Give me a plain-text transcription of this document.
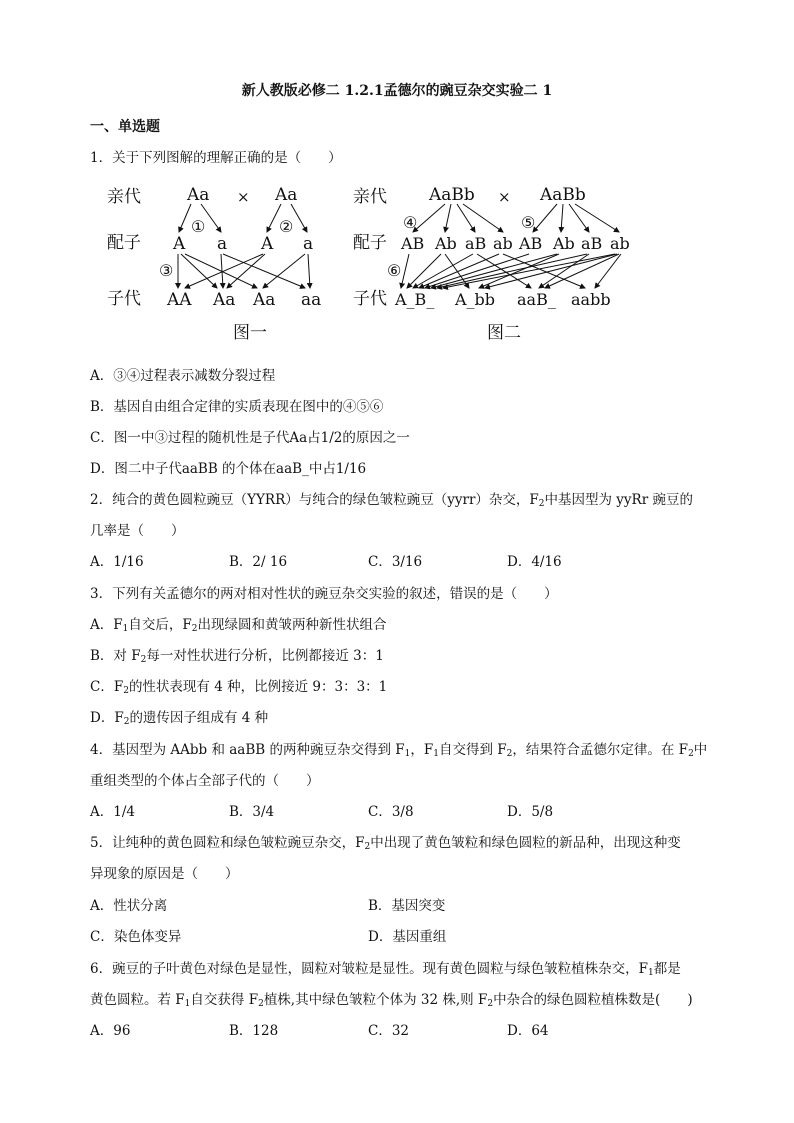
新人教版必修二 1.2.1孟德尔的豌豆杂交实验二 1
一、单选题
1．关于下列图解的理解正确的是（　　）
亲代
配子
子代
Aa × Aa
①	②
③
A a A a
AA Aa Aa aa
图一
亲代
配子
子代
AaBb × AaBb
④	⑤
⑥
AB Ab aB ab AB Ab aB ab
A_B_ A_bb aaB_ aabb
图二
A．③④过程表示减数分裂过程
B．基因自由组合定律的实质表现在图中的④⑤⑥
C．图一中③过程的随机性是子代Aa占1/2的原因之一
D．图二中子代aaBB 的个体在aaB_中占1/16
2．纯合的黄色圆粒豌豆（YYRR）与纯合的绿色皱粒豌豆（yyrr）杂交，$F_2$中基因型为 yyRr 豌豆的
几率是（　　）
A．1/16	B．2/ 16	C．3/16	D．4/16
3．下列有关孟德尔的两对相对性状的豌豆杂交实验的叙述，错误的是（　　）
A．$F_1$自交后，$F_2$出现绿圆和黄皱两种新性状组合
B．对 $F_2$每一对性状进行分析，比例都接近 3：1
C．$F_2$的性状表现有 4 种，比例接近 9：3：3：1
D．$F_2$的遗传因子组成有 4 种
4．基因型为 AAbb 和 aaBB 的两种豌豆杂交得到 $F_1$，$F_1$自交得到 $F_2$，结果符合孟德尔定律。在 $F_2$中
重组类型的个体占全部子代的（　　）
A．1/4	B．3/4	C．3/8	D．5/8
5．让纯种的黄色圆粒和绿色皱粒豌豆杂交，$F_2$中出现了黄色皱粒和绿色圆粒的新品种，出现这种变
异现象的原因是（　　）
A．性状分离	B．基因突变
C．染色体变异	D．基因重组
6．豌豆的子叶黄色对绿色是显性，圆粒对皱粒是显性。现有黄色圆粒与绿色皱粒植株杂交，$F_1$都是
黄色圆粒。若 $F_1$自交获得 $F_2$植株,其中绿色皱粒个体为 32 株,则 $F_2$中杂合的绿色圆粒植株数是(　　)
A．96	B．128	C．32	D．64
